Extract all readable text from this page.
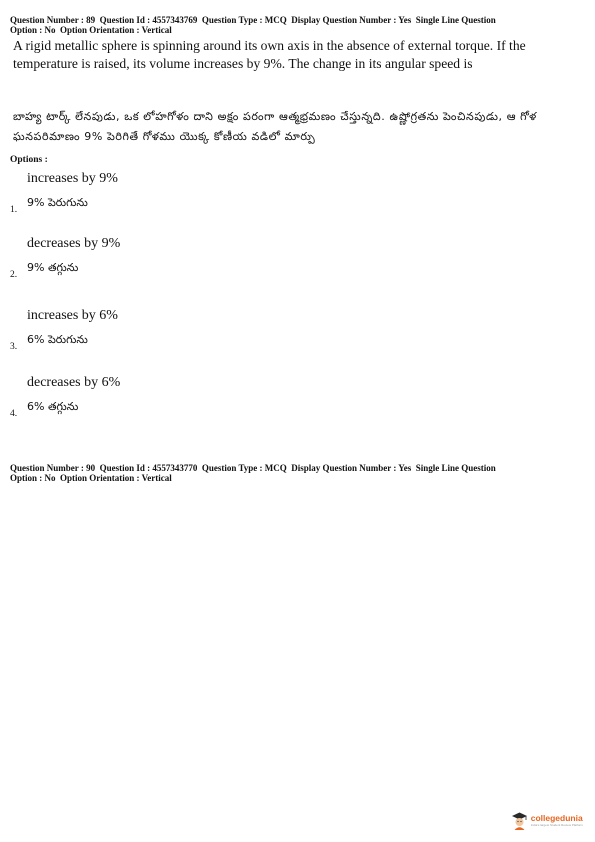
Question Number : 89  Question Id : 4557343769  Question Type : MCQ  Display Question Number : Yes  Single Line Question
Option : No  Option Orientation : Vertical

A rigid metallic sphere is spinning around its own axis in the absence of external torque. If the temperature is raised, its volume increases by 9%. The change in its angular speed is

బాహ్య టార్క్ లేనపుడు, ఒక లోహగోళం దాని అక్షం పరంగా ఆత్మభ్రమణం చేస్తున్నది. ఉష్ణోగ్రతను పెంచినపుడు, ఆ గోళ ఘనపరిమాణం 9% పెరిగితే గోళము యొక్క కోణీయ వడిలో మార్పు

Options :
increases by 9%
9% పెరుగును
1.
decreases by 9%
9% తగ్గును
2.
increases by 6%
6% పెరుగును
3.
decreases by 6%
6% తగ్గును
4.
Question Number : 90  Question Id : 4557343770  Question Type : MCQ  Display Question Number : Yes  Single Line Question
Option : No  Option Orientation : Vertical
collegedunia
India's largest Student Review Platform
